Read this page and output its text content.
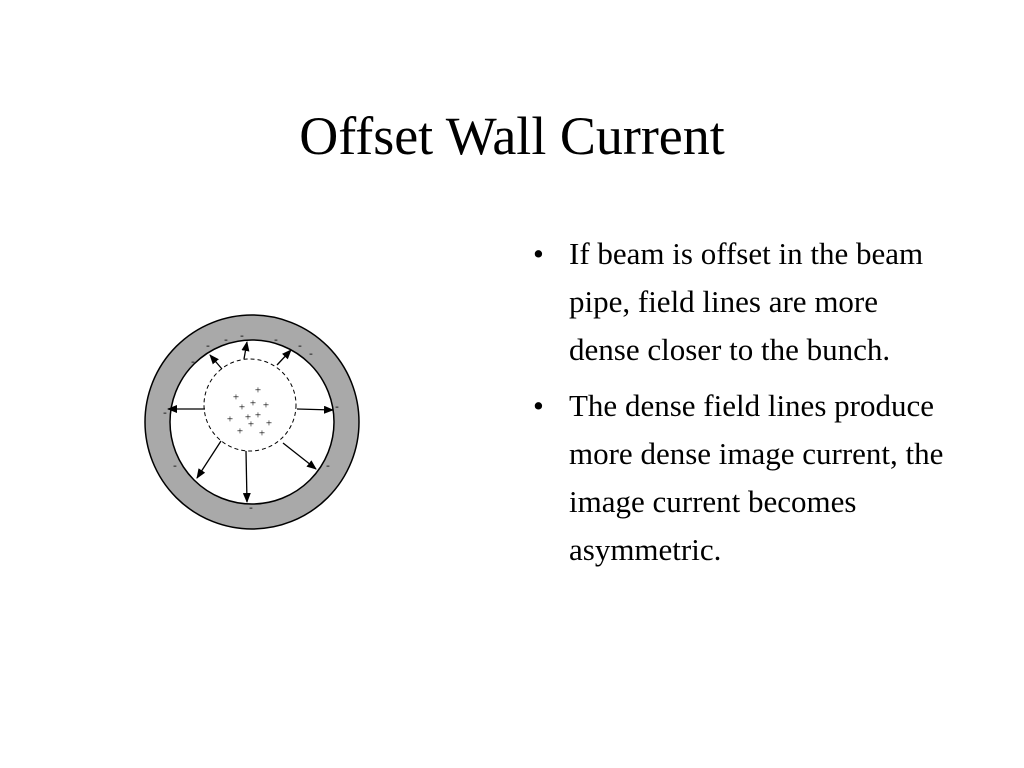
Offset Wall Current
+
+ + +
+
+
+ +
+ +
+
+
-	-
-
-
-
-	-
-	-
-
-	-
• If beam is offset in the beam pipe, field lines are more dense closer to the bunch.
• The dense field lines produce more dense image current, the image current becomes asymmetric.
